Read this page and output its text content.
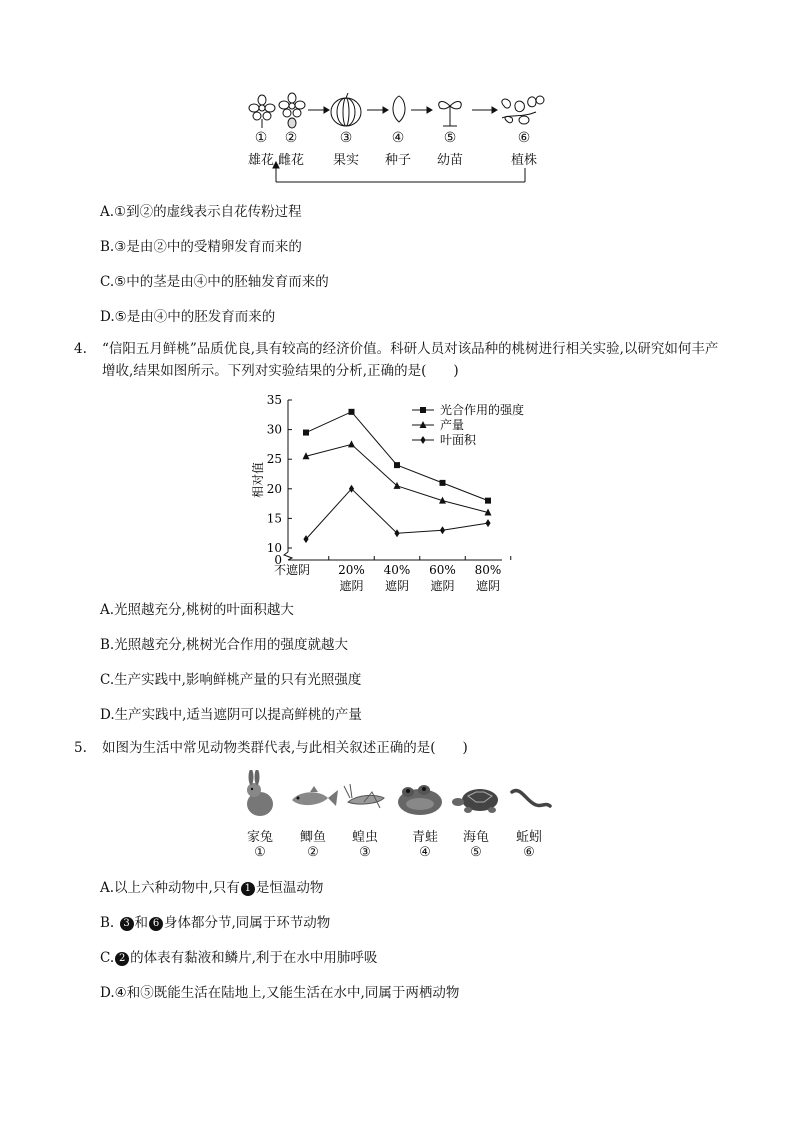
①	②	③	④	⑤	⑥
雄花 雌花	果实	种子	幼苗	植株
A.①到②的虚线表示自花传粉过程
B.③是由②中的受精卵发育而来的
C.⑤中的茎是由④中的胚轴发育而来的
D.⑤是由④中的胚发育而来的
4. “信阳五月鲜桃”品质优良,具有较高的经济价值。科研人员对该品种的桃树进行相关实验,以研究如何丰产增收,结果如图所示。下列对实验结果的分析,正确的是(　　)
0
10
15
20
25
30
35
不遮阴 20%
遮阴
40%
遮阴
60%
遮阴
80%
遮阴
光合作用的强度
产量
叶面积
相对值
A.光照越充分,桃树的叶面积越大
B.光照越充分,桃树光合作用的强度就越大
C.生产实践中,影响鲜桃产量的只有光照强度
D.生产实践中,适当遮阴可以提高鲜桃的产量
5. 如图为生活中常见动物类群代表,与此相关叙述正确的是(　　)
家兔	鲫鱼	蝗虫	青蛙	海龟	蚯蚓
①	②	③	④	⑤	⑥
A.以上六种动物中,只有 1 是恒温动物
B. 3 和 6 身体都分节,同属于环节动物
C. 2 的体表有黏液和鳞片,利于在水中用肺呼吸
D.④和⑤既能生活在陆地上,又能生活在水中,同属于两栖动物
